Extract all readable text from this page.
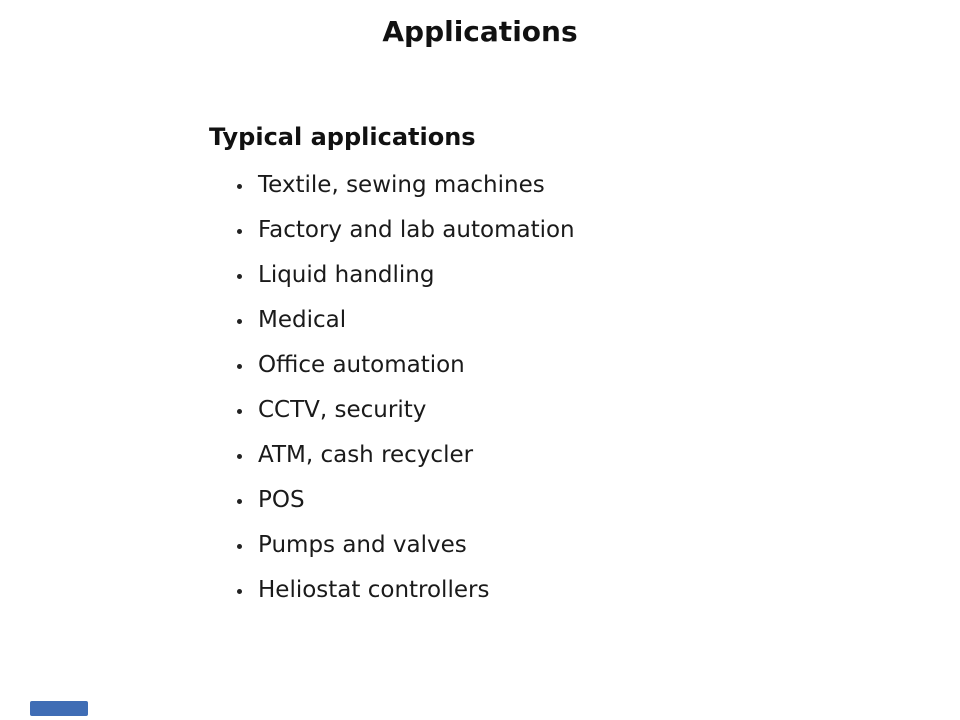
Applications
Typical applications
Textile, sewing machines
Factory and lab automation
Liquid handling
Medical
Office automation
CCTV, security
ATM, cash recycler
POS
Pumps and valves
Heliostat controllers
